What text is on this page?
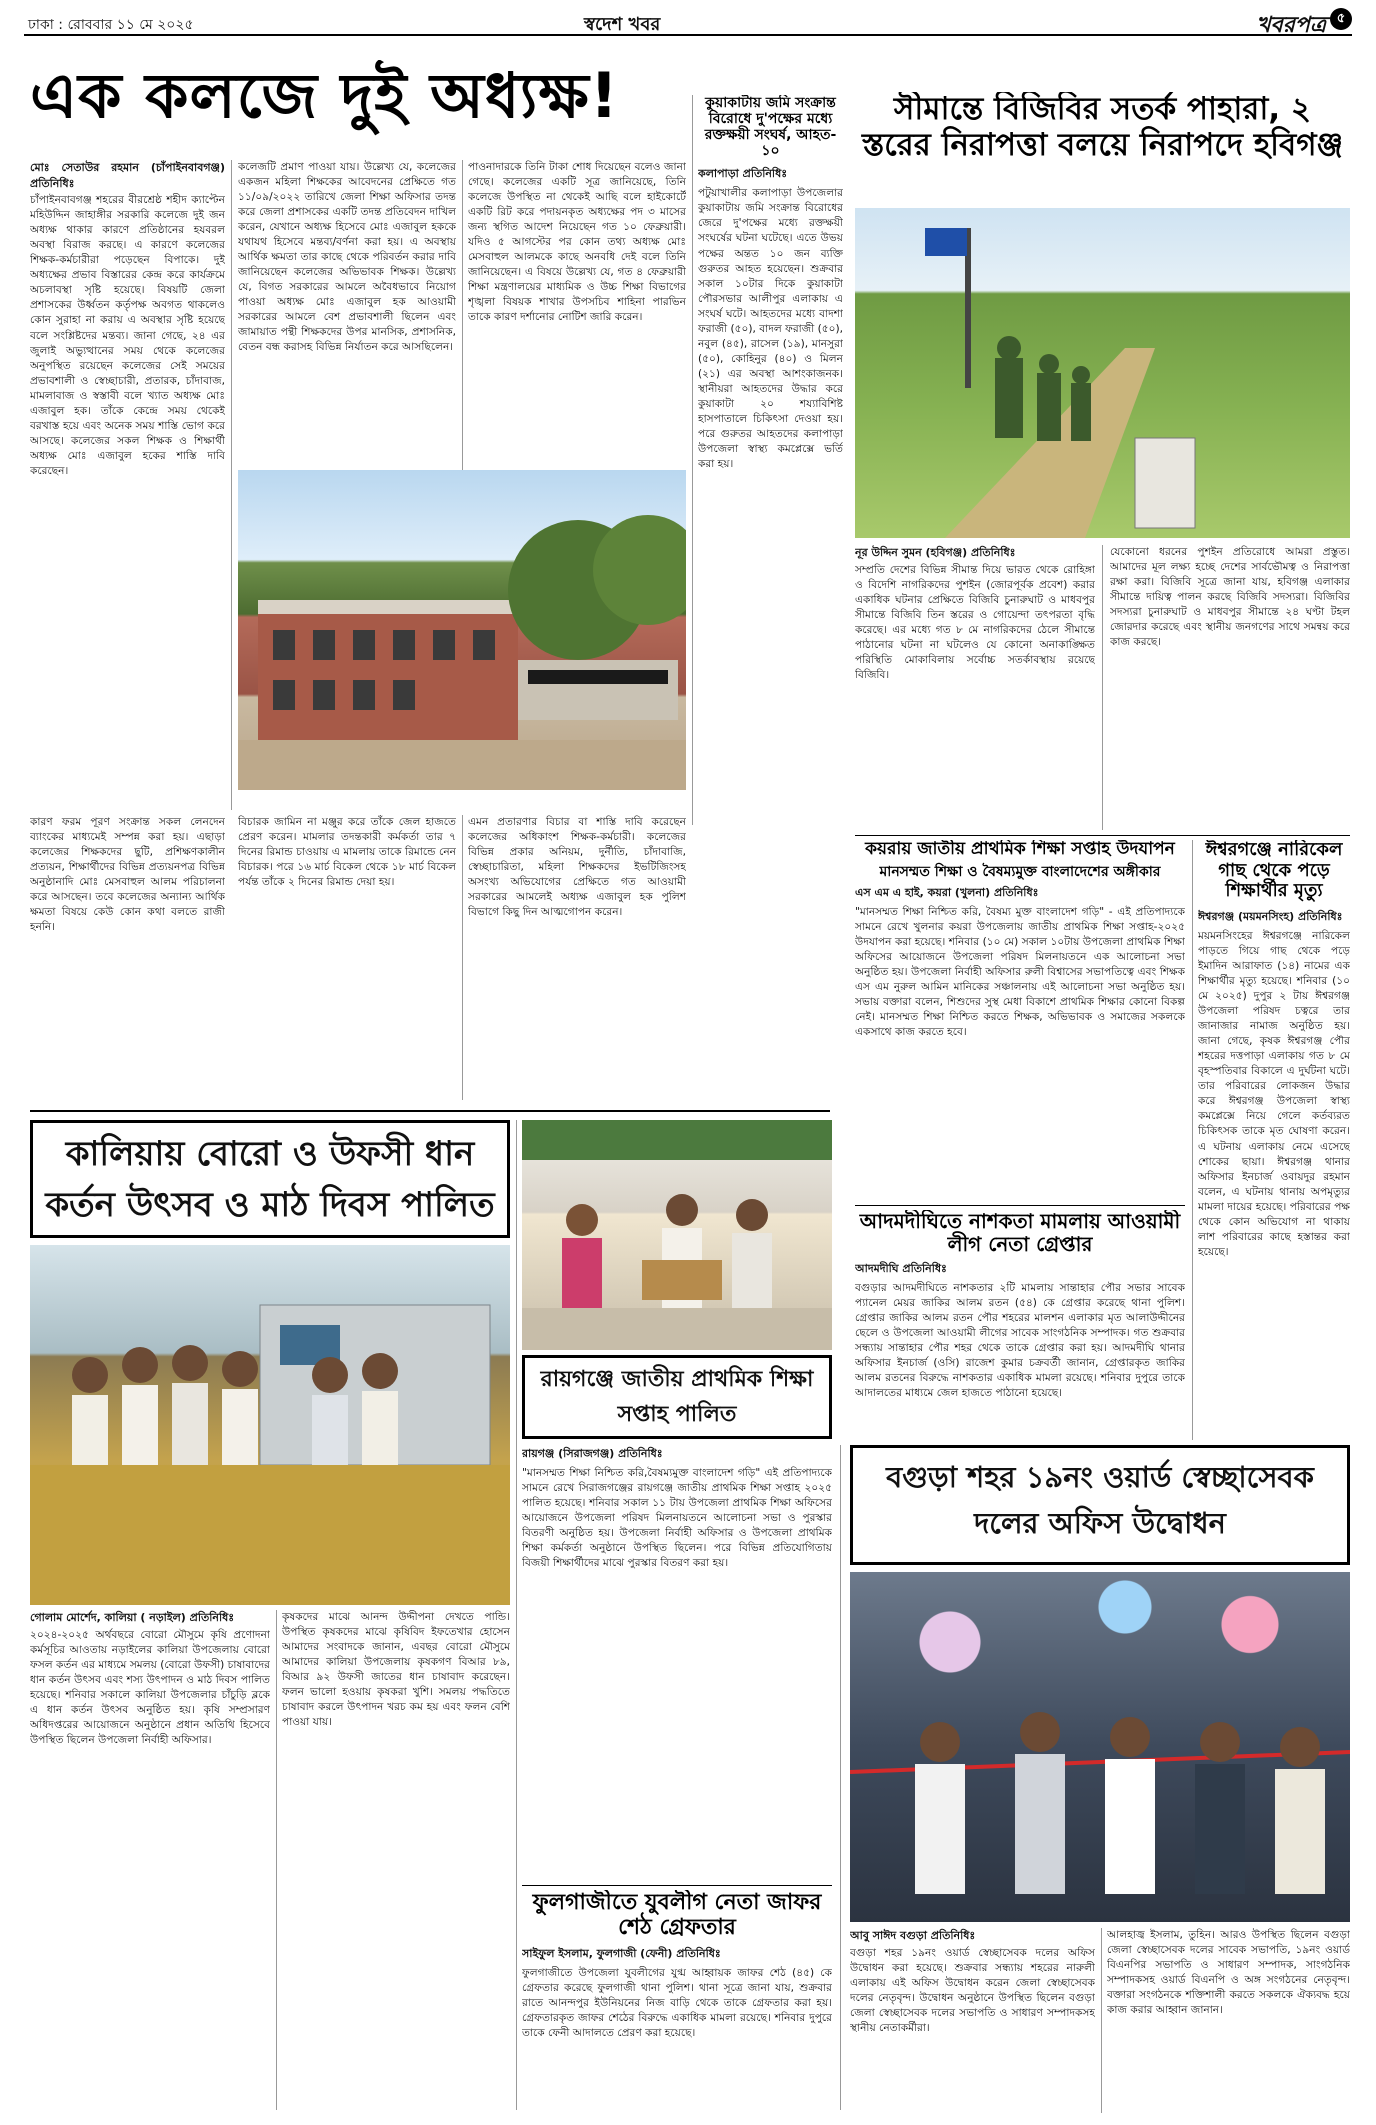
ঢাকা : রোববার ১১ মে ২০২৫	স্বদেশ খবর	খবরপত্র ৫
এক কলজে দুই অধ্যক্ষ!
মোঃ সেতাউর রহমান (চাঁপাইনবাবগঞ্জ) প্রতিনিধিঃ
চাঁপাইনবাবগঞ্জ শহরের বীরশ্রেষ্ঠ শহীদ ক্যাপ্টেন মহিউদ্দিন জাহাঙ্গীর সরকারি কলেজে দুই জন অধ্যক্ষ থাকার কারণে প্রতিষ্ঠানের হযবরল অবস্থা বিরাজ করছে। এ কারণে কলেজের শিক্ষক-কর্মচারীরা পড়েছেন বিপাকে। দুই অধ্যক্ষের প্রভাব বিস্তারের কেন্দ্র করে কার্যক্রমে অচলাবস্থা সৃষ্টি হয়েছে। বিষয়টি জেলা প্রশাসকের উর্ধ্বতন কর্তৃপক্ষ অবগত থাকলেও কোন সুরাহা না করায় এ অবস্থার সৃষ্টি হয়েছে বলে সংশ্লিষ্টদের মন্তব্য। জানা গেছে, ২৪ এর জুলাই অভ্যুত্থানের সময় থেকে কলেজের অনুপস্থিত রয়েছেন কলেজের সেই সময়ের প্রভাবশালী ও স্বেচ্ছাচারী, প্রতারক, চাঁদাবাজ, মামলাবাজ ও স্বস্তাবী বলে খ্যাত অধ্যক্ষ মোঃ এজাবুল হক। তাঁকে কেন্দ্রে সময় থেকেই বরখাস্ত হয়ে এবং অনেক সময় শাস্তি ভোগ করে আসছে। কলেজের সকল শিক্ষক ও শিক্ষার্থী অধ্যক্ষ মোঃ এজাবুল হকের শাস্তি দাবি করেছেন।
কলেজটি প্রমাণ পাওয়া যায়। উল্লেখ্য যে, কলেজের একজন মহিলা শিক্ষকের আবেদনের প্রেক্ষিতে গত ১১/০৯/২০২২ তারিখে জেলা শিক্ষা অফিসার তদন্ত করে জেলা প্রশাসকের একটি তদন্ত প্রতিবেদন দাখিল করেন, যেখানে অধ্যক্ষ হিসেবে মোঃ এজাবুল হককে যথাযথ হিসেবে মন্তব্য/বর্ণনা করা হয়। এ অবস্থায় আর্থিক ক্ষমতা তার কাছে থেকে পরিবর্তন করার দাবি জানিয়েছেন কলেজের অভিভাবক শিক্ষক। উল্লেখ্য যে, বিগত সরকারের আমলে অবৈধভাবে নিয়োগ পাওয়া অধ্যক্ষ মোঃ এজাবুল হক আওয়ামী সরকারের আমলে বেশ প্রভাবশালী ছিলেন এবং জামায়াত পন্থী শিক্ষকদের উপর মানসিক, প্রশাসনিক, বেতন বন্ধ করাসহ বিভিন্ন নির্যাতন করে আসছিলেন।
পাওনাদারকে তিনি টাকা শোধ দিয়েছেন বলেও জানা গেছে। কলেজের একটি সূত্র জানিয়েছে, তিনি কলেজে উপস্থিত না থেকেই আছি বলে হাইকোর্টে একটি রিট করে পদায়নকৃত অধ্যক্ষের পদ ৩ মাসের জন্য স্থগিত আদেশ নিয়েছেন গত ১০ ফেব্রুয়ারী। যদিও ৫ আগস্টের পর কোন তথ্য অধ্যক্ষ মোঃ মেসবাহুল আলমকে কাছে অনবধি দেই বলে তিনি জানিয়েছেন। এ বিষয়ে উল্লেখ্য যে, গত ৪ ফেব্রুয়ারী শিক্ষা মন্ত্রণালয়ের মাধ্যমিক ও উচ্চ শিক্ষা বিভাগের শৃঙ্খলা বিষয়ক শাখার উপসচিব শাহিনা পারভিন তাকে কারণ দর্শানোর নোটিশ জারি করেন।
কারণ ফরম পূরণ সংক্রান্ত সকল লেনদেন ব্যাংকের মাধ্যমেই সম্পন্ন করা হয়। এছাড়া কলেজের শিক্ষকদের ছুটি, প্রশিক্ষণকালীন প্রত্যয়ন, শিক্ষার্থীদের বিভিন্ন প্রত্যয়নপত্র বিভিন্ন অনুষ্ঠানাদি মোঃ মেসবাহুল আলম পরিচালনা করে আসছেন। তবে কলেজের অন্যান্য আর্থিক ক্ষমতা বিষয়ে কেউ কোন কথা বলতে রাজী হননি।
বিচারক জামিন না মঞ্জুর করে তাঁকে জেল হাজতে প্রেরণ করেন। মামলার তদন্তকারী কর্মকর্তা তার ৭ দিনের রিমান্ড চাওয়ায় এ মামলায় তাকে রিমান্ডে নেন বিচারক। পরে ১৬ মার্চ বিকেল থেকে ১৮ মার্চ বিকেল পর্যন্ত তাঁকে ২ দিনের রিমান্ড দেয়া হয়।
এমন প্রতারণার বিচার বা শাস্তি দাবি করেছেন কলেজের অধিকাংশ শিক্ষক-কর্মচারী। কলেজের বিভিন্ন প্রকার অনিয়ম, দুর্নীতি, চাঁদাবাজি, স্বেচ্ছাচারিতা, মহিলা শিক্ষকদের ইভটিজিংসহ অসংখ্য অভিযোগের প্রেক্ষিতে গত আওয়ামী সরকারের আমলেই অধ্যক্ষ এজাবুল হক পুলিশ বিভাগে কিছু দিন আত্মগোপন করেন।
কুয়াকাটায় জমি সংক্রান্ত বিরোধে দু'পক্ষের মধ্যে রক্তক্ষয়ী সংঘর্ষ, আহত- ১০
কলাপাড়া প্রতিনিধিঃ
পটুয়াখালীর কলাপাড়া উপজেলার কুয়াকাটায় জমি সংক্রান্ত বিরোধের জেরে দু'পক্ষের মধ্যে রক্তক্ষয়ী সংঘর্ষের ঘটনা ঘটেছে। এতে উভয় পক্ষের অন্তত ১০ জন ব্যক্তি গুরুতর আহত হয়েছেন। শুক্রবার সকাল ১০টার দিকে কুয়াকাটা পৌরসভার আলীপুর এলাকায় এ সংঘর্ষ ঘটে। আহতদের মধ্যে বাদশা ফরাজী (৫০), বাদল ফরাজী (৫০), নবুল (৪৫), রাসেল (১৯), মানসুরা (৫০), কোহিনুর (৪০) ও মিলন (২১) এর অবস্থা আশংকাজনক। স্থানীয়রা আহতদের উদ্ধার করে কুয়াকাটা ২০ শয্যাবিশিষ্ট হাসপাতালে চিকিৎসা দেওয়া হয়। পরে গুরুতর আহতদের কলাপাড়া উপজেলা স্বাস্থ্য কমপ্লেক্সে ভর্তি করা হয়।
সীমান্তে বিজিবির সতর্ক পাহারা, ২ স্তরের নিরাপত্তা বলয়ে নিরাপদে হবিগঞ্জ
নূর উদ্দিন সুমন (হবিগঞ্জ) প্রতিনিধিঃ
সম্প্রতি দেশের বিভিন্ন সীমান্ত দিয়ে ভারত থেকে রোহিঙ্গা ও বিদেশি নাগরিকদের পুশইন (জোরপূর্বক প্রবেশ) করার একাধিক ঘটনার প্রেক্ষিতে বিজিবি চুনারুঘাট ও মাধবপুর সীমান্তে বিজিবি তিন স্তরের ও গোয়েন্দা তৎপরতা বৃদ্ধি করেছে। এর মধ্যে গত ৮ মে নাগরিকদের ঠেলে সীমান্তে পাঠানোর ঘটনা না ঘটলেও যে কোনো অনাকাঙ্ক্ষিত পরিস্থিতি মোকাবিলায় সর্বোচ্চ সতর্কাবস্থায় রয়েছে বিজিবি।
যেকোনো ধরনের পুশইন প্রতিরোধে আমরা প্রস্তুত। আমাদের মূল লক্ষ্য হচ্ছে দেশের সার্বভৌমত্ব ও নিরাপত্তা রক্ষা করা। বিজিবি সূত্রে জানা যায়, হবিগঞ্জ এলাকার সীমান্তে দায়িত্ব পালন করছে বিজিবি সদস্যরা। বিজিবির সদস্যরা চুনারুঘাট ও মাধবপুর সীমান্তে ২৪ ঘণ্টা টহল জোরদার করেছে এবং স্থানীয় জনগণের সাথে সমন্বয় করে কাজ করছে।
কয়রায় জাতীয় প্রাথমিক শিক্ষা সপ্তাহ উদযাপন
মানসম্মত শিক্ষা ও বৈষম্যমুক্ত বাংলাদেশের অঙ্গীকার
এস এম এ হাই, কয়রা (খুলনা) প্রতিনিধিঃ
"মানসম্মত শিক্ষা নিশ্চিত করি, বৈষম্য মুক্ত বাংলাদেশ গড়ি" - এই প্রতিপাদ্যকে সামনে রেখে খুলনার কয়রা উপজেলায় জাতীয় প্রাথমিক শিক্ষা সপ্তাহ-২০২৫ উদযাপন করা হয়েছে। শনিবার (১০ মে) সকাল ১০টায় উপজেলা প্রাথমিক শিক্ষা অফিসের আয়োজনে উপজেলা পরিষদ মিলনায়তনে এক আলোচনা সভা অনুষ্ঠিত হয়। উপজেলা নির্বাহী অফিসার রুলী বিশ্বাসের সভাপতিত্বে এবং শিক্ষক এস এম নুরুল আমিন মানিকের সঞ্চালনায় এই আলোচনা সভা অনুষ্ঠিত হয়। সভায় বক্তারা বলেন, শিশুদের সুস্থ মেধা বিকাশে প্রাথমিক শিক্ষার কোনো বিকল্প নেই। মানসম্মত শিক্ষা নিশ্চিত করতে শিক্ষক, অভিভাবক ও সমাজের সকলকে একসাথে কাজ করতে হবে।
ঈশ্বরগঞ্জে নারিকেল গাছ থেকে পড়ে শিক্ষার্থীর মৃত্যু
ঈশ্বরগঞ্জ (ময়মনসিংহ) প্রতিনিধিঃ
ময়মনসিংহের ঈশ্বরগঞ্জে নারিকেল পাড়তে গিয়ে গাছ থেকে পড়ে ইমাদিন আরাফাত (১৪) নামের এক শিক্ষার্থীর মৃত্যু হয়েছে। শনিবার (১০ মে ২০২৫) দুপুর ২ টায় ঈশ্বরগঞ্জ উপজেলা পরিষদ চত্বরে তার জানাজার নামাজ অনুষ্ঠিত হয়। জানা গেছে, কৃষক ঈশ্বরগঞ্জ পৌর শহরের দত্তপাড়া এলাকায় গত ৮ মে বৃহস্পতিবার বিকালে এ দুর্ঘটনা ঘটে। তার পরিবারের লোকজন উদ্ধার করে ঈশ্বরগঞ্জ উপজেলা স্বাস্থ্য কমপ্লেক্সে নিয়ে গেলে কর্তব্যরত চিকিৎসক তাকে মৃত ঘোষণা করেন। এ ঘটনায় এলাকায় নেমে এসেছে শোকের ছায়া। ঈশ্বরগঞ্জ থানার অফিসার ইনচার্জ ওবায়দুর রহমান বলেন, এ ঘটনায় থানায় অপমৃত্যুর মামলা দায়ের হয়েছে। পরিবারের পক্ষ থেকে কোন অভিযোগ না থাকায় লাশ পরিবারের কাছে হস্তান্তর করা হয়েছে।
আদমদীঘিতে নাশকতা মামলায় আওয়ামী লীগ নেতা গ্রেপ্তার
আদমদীঘি প্রতিনিধিঃ
বগুড়ার আদমদীঘিতে নাশকতার ২টি মামলায় সান্তাহার পৌর সভার সাবেক প্যানেল মেয়র জাকির আলম রতন (৫৪) কে গ্রেপ্তার করেছে থানা পুলিশ। গ্রেপ্তার জাকির আলম রতন পৌর শহরের মালশন এলাকার মৃত আলাউদ্দীনের ছেলে ও উপজেলা আওয়ামী লীগের সাবেক সাংগঠনিক সম্পাদক। গত শুক্রবার সন্ধ্যায় সান্তাহার পৌর শহর থেকে তাকে গ্রেপ্তার করা হয়। আদমদীঘি থানার অফিসার ইনচার্জ (ওসি) রাজেশ কুমার চক্রবর্তী জানান, গ্রেপ্তারকৃত জাকির আলম রতনের বিরুদ্ধে নাশকতার একাধিক মামলা রয়েছে। শনিবার দুপুরে তাকে আদালতের মাধ্যমে জেল হাজতে পাঠানো হয়েছে।
কালিয়ায় বোরো ও উফসী ধান কর্তন উৎসব ও মাঠ দিবস পালিত
গোলাম মোর্শেদ, কালিয়া ( নড়াইল) প্রতিনিধিঃ
২০২৪-২০২৫ অর্থবছরে বোরো মৌসুমে কৃষি প্রণোদনা কর্মসূচির আওতায় নড়াইলের কালিয়া উপজেলায় বোরো ফসল কর্তন এর মাধ্যমে সমলয় (বোরো উফসী) চাষাবাদের ধান কর্তন উৎসব এবং শস্য উৎপাদন ও মাঠ দিবস পালিত হয়েছে। শনিবার সকালে কালিয়া উপজেলার চাঁচুড়ি ব্লকে এ ধান কর্তন উৎসব অনুষ্ঠিত হয়। কৃষি সম্প্রসারণ অধিদপ্তরের আয়োজনে অনুষ্ঠানে প্রধান অতিথি হিসেবে উপস্থিত ছিলেন উপজেলা নির্বাহী অফিসার।
কৃষকদের মাঝে আনন্দ উদ্দীপনা দেখতে পান্ডি। উপস্থিত কৃষকদের মাঝে কৃষিবিদ ইফতেখার হোসেন আমাদের সংবাদকে জানান, এবছর বোরো মৌসুমে আমাদের কালিয়া উপজেলায় কৃষকগণ বিআর ৮৯, বিআর ৯২ উফসী জাতের ধান চাষাবাদ করেছেন। ফলন ভালো হওয়ায় কৃষকরা খুশি। সমলয় পদ্ধতিতে চাষাবাদ করলে উৎপাদন খরচ কম হয় এবং ফলন বেশি পাওয়া যায়।
রায়গঞ্জে জাতীয় প্রাথমিক শিক্ষা সপ্তাহ পালিত
রায়গঞ্জ (সিরাজগঞ্জ) প্রতিনিধিঃ
"মানসম্মত শিক্ষা নিশ্চিত করি,বৈষম্যমুক্ত বাংলাদেশ গড়ি" এই প্রতিপাদ্যকে সামনে রেখে সিরাজগঞ্জের রায়গঞ্জে জাতীয় প্রাথমিক শিক্ষা সপ্তাহ ২০২৫ পালিত হয়েছে। শনিবার সকাল ১১ টায় উপজেলা প্রাথমিক শিক্ষা অফিসের আয়োজনে উপজেলা পরিষদ মিলনায়তনে আলোচনা সভা ও পুরস্কার বিতরণী অনুষ্ঠিত হয়। উপজেলা নির্বাহী অফিসার ও উপজেলা প্রাথমিক শিক্ষা কর্মকর্তা অনুষ্ঠানে উপস্থিত ছিলেন। পরে বিভিন্ন প্রতিযোগিতায় বিজয়ী শিক্ষার্থীদের মাঝে পুরস্কার বিতরণ করা হয়।
ফুলগাজীতে যুবলীগ নেতা জাফর শেঠ গ্রেফতার
সাইফুল ইসলাম, ফুলগাজী (ফেনী) প্রতিনিধিঃ
ফুলগাজীতে উপজেলা যুবলীগের যুগ্ম আহ্বায়ক জাফর শেঠ (৪৫) কে গ্রেফতার করেছে ফুলগাজী থানা পুলিশ। থানা সূত্রে জানা যায়, শুক্রবার রাতে আনন্দপুর ইউনিয়নের নিজ বাড়ি থেকে তাকে গ্রেফতার করা হয়। গ্রেফতারকৃত জাফর শেঠের বিরুদ্ধে একাধিক মামলা রয়েছে। শনিবার দুপুরে তাকে ফেনী আদালতে প্রেরণ করা হয়েছে।
বগুড়া শহর ১৯নং ওয়ার্ড স্বেচ্ছাসেবক দলের অফিস উদ্বোধন
আবু সাঈদ বগুড়া প্রতিনিধিঃ
বগুড়া শহর ১৯নং ওয়ার্ড স্বেচ্ছাসেবক দলের অফিস উদ্বোধন করা হয়েছে। শুক্রবার সন্ধ্যায় শহরের নারুলী এলাকায় এই অফিস উদ্বোধন করেন জেলা স্বেচ্ছাসেবক দলের নেতৃবৃন্দ। উদ্বোধন অনুষ্ঠানে উপস্থিত ছিলেন বগুড়া জেলা স্বেচ্ছাসেবক দলের সভাপতি ও সাধারণ সম্পাদকসহ স্থানীয় নেতাকর্মীরা।
আলহাজ্ব ইসলাম, তুহিন। আরও উপস্থিত ছিলেন বগুড়া জেলা স্বেচ্ছাসেবক দলের সাবেক সভাপতি, ১৯নং ওয়ার্ড বিএনপির সভাপতি ও সাধারণ সম্পাদক, সাংগঠনিক সম্পাদকসহ ওয়ার্ড বিএনপি ও অঙ্গ সংগঠনের নেতৃবৃন্দ। বক্তারা সংগঠনকে শক্তিশালী করতে সকলকে ঐক্যবদ্ধ হয়ে কাজ করার আহ্বান জানান।
